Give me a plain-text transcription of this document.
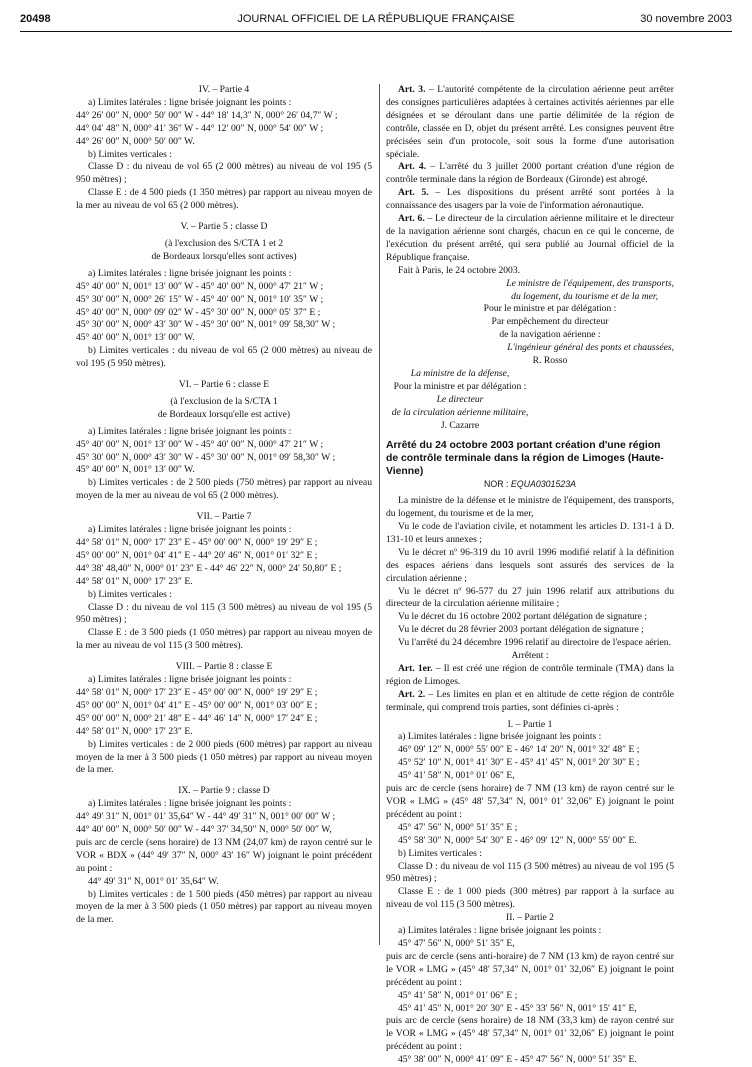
20498	JOURNAL OFFICIEL DE LA RÉPUBLIQUE FRANÇAISE	30 novembre 2003

IV. – Partie 4

a) Limites latérales : ligne brisée joignant les points :

44° 26′ 00″ N, 000° 50′ 00″ W - 44° 18′ 14,3″ N, 000° 26′ 04,7″ W ;

44° 04′ 48″ N, 000° 41′ 36″ W - 44° 12′ 00″ N, 000° 54′ 00″ W ;

44° 26′ 00″ N, 000° 50′ 00″ W.

b) Limites verticales :

Classe D : du niveau de vol 65 (2 000 mètres) au niveau de vol 195 (5 950 mètres) ;

Classe E : de 4 500 pieds (1 350 mètres) par rapport au niveau moyen de la mer au niveau de vol 65 (2 000 mètres).

V. – Partie 5 : classe D

(à l'exclusion des S/CTA 1 et 2

de Bordeaux lorsqu'elles sont actives)

a) Limites latérales : ligne brisée joignant les points :

45° 40′ 00″ N, 001° 13′ 00″ W - 45° 40′ 00″ N, 000° 47′ 21″ W ;

45° 30′ 00″ N, 000° 26′ 15″ W - 45° 40′ 00″ N, 001° 10′ 35″ W ;

45° 40′ 00″ N, 000° 09′ 02″ W - 45° 30′ 00″ N, 000° 05′ 37″ E ;

45° 30′ 00″ N, 000° 43′ 30″ W - 45° 30′ 00″ N, 001° 09′ 58,30″ W ;

45° 40′ 00″ N, 001° 13′ 00″ W.

b) Limites verticales : du niveau de vol 65 (2 000 mètres) au niveau de vol 195 (5 950 mètres).

VI. – Partie 6 : classe E

(à l'exclusion de la S/CTA 1

de Bordeaux lorsqu'elle est active)

a) Limites latérales : ligne brisée joignant les points :

45° 40′ 00″ N, 001° 13′ 00″ W - 45° 40′ 00″ N, 000° 47′ 21″ W ;

45° 30′ 00″ N, 000° 43′ 30″ W - 45° 30′ 00″ N, 001° 09′ 58,30″ W ;

45° 40′ 00″ N, 001° 13′ 00″ W.

b) Limites verticales : de 2 500 pieds (750 mètres) par rapport au niveau moyen de la mer au niveau de vol 65 (2 000 mètres).

VII. – Partie 7

a) Limites latérales : ligne brisée joignant les points :

44° 58′ 01″ N, 000° 17′ 23″ E - 45° 00′ 00″ N, 000° 19′ 29″ E ;

45° 00′ 00″ N, 001° 04′ 41″ E - 44° 20′ 46″ N, 001° 01′ 32″ E ;

44° 38′ 48,40″ N, 000° 01′ 23″ E - 44° 46′ 22″ N, 000° 24′ 50,80″ E ;

44° 58′ 01″ N, 000° 17′ 23″ E.

b) Limites verticales :

Classe D : du niveau de vol 115 (3 500 mètres) au niveau de vol 195 (5 950 mètres) ;

Classe E : de 3 500 pieds (1 050 mètres) par rapport au niveau moyen de la mer au niveau de vol 115 (3 500 mètres).

VIII. – Partie 8 : classe E

a) Limites latérales : ligne brisée joignant les points :

44° 58′ 01″ N, 000° 17′ 23″ E - 45° 00′ 00″ N, 000° 19′ 29″ E ;

45° 00′ 00″ N, 001° 04′ 41″ E - 45° 00′ 00″ N, 001° 03′ 00″ E ;

45° 00′ 00″ N, 000° 21′ 48″ E - 44° 46′ 14″ N, 000° 17′ 24″ E ;

44° 58′ 01″ N, 000° 17′ 23″ E.

b) Limites verticales : de 2 000 pieds (600 mètres) par rapport au niveau moyen de la mer à 3 500 pieds (1 050 mètres) par rapport au niveau moyen de la mer.

IX. – Partie 9 : classe D

a) Limites latérales : ligne brisée joignant les points :

44° 49′ 31″ N, 001° 01′ 35,64″ W - 44° 49′ 31″ N, 001° 00′ 00″ W ;

44° 40′ 00″ N, 000° 50′ 00″ W - 44° 37′ 34,50″ N, 000° 50′ 00″ W,

puis arc de cercle (sens horaire) de 13 NM (24,07 km) de rayon centré sur le VOR « BDX » (44° 49′ 37″ N, 000° 43′ 16″ W) joignant le point précédent au point :

44° 49′ 31″ N, 001° 01′ 35,64″ W.

b) Limites verticales : de 1 500 pieds (450 mètres) par rapport au niveau moyen de la mer à 3 500 pieds (1 050 mètres) par rapport au niveau moyen de la mer.

Art. 3. – L'autorité compétente de la circulation aérienne peut arrêter des consignes particulières adaptées à certaines activités aériennes par elle désignées et se déroulant dans une partie délimitée de la région de contrôle, classée en D, objet du présent arrêté. Les consignes peuvent être précisées sein d'un protocole, soit sous la forme d'une autorisation spéciale.

Art. 4. – L'arrêté du 3 juillet 2000 portant création d'une région de contrôle terminale dans la région de Bordeaux (Gironde) est abrogé.

Art. 5. – Les dispositions du présent arrêté sont portées à la connaissance des usagers par la voie de l'information aéronautique.

Art. 6. – Le directeur de la circulation aérienne militaire et le directeur de la navigation aérienne sont chargés, chacun en ce qui le concerne, de l'exécution du présent arrêté, qui sera publié au Journal officiel de la République française.

Fait à Paris, le 24 octobre 2003.

Le ministre de l'équipement, des transports,

du logement, du tourisme et de la mer,

Pour le ministre et par délégation :

Par empêchement du directeur

de la navigation aérienne :

L'ingénieur général des ponts et chaussées,

R. Rosso

La ministre de la défense,

Pour la ministre et par délégation :

Le directeur

de la circulation aérienne militaire,

J. Cazarre

Arrêté du 24 octobre 2003 portant création d'une région de contrôle terminale dans la région de Limoges (Haute-Vienne)

NOR : EQUA0301523A

La ministre de la défense et le ministre de l'équipement, des transports, du logement, du tourisme et de la mer,

Vu le code de l'aviation civile, et notamment les articles D. 131-1 à D. 131-10 et leurs annexes ;

Vu le décret nº 96-319 du 10 avril 1996 modifié relatif à la définition des espaces aériens dans lesquels sont assurés des services de la circulation aérienne ;

Vu le décret nº 96-577 du 27 juin 1996 relatif aux attributions du directeur de la circulation aérienne militaire ;

Vu le décret du 16 octobre 2002 portant délégation de signature ;

Vu le décret du 28 février 2003 portant délégation de signature ;

Vu l'arrêté du 24 décembre 1996 relatif au directoire de l'espace aérien.

Arrêtent :

Art. 1er. – Il est créé une région de contrôle terminale (TMA) dans la région de Limoges.

Art. 2. – Les limites en plan et en altitude de cette région de contrôle terminale, qui comprend trois parties, sont définies ci-après :

I. – Partie 1

a) Limites latérales : ligne brisée joignant les points :

46° 09′ 12″ N, 000° 55′ 00″ E - 46° 14′ 20″ N, 001° 32′ 48″ E ;

45° 52′ 10″ N, 001° 41′ 30″ E - 45° 41′ 45″ N, 001° 20′ 30″ E ;

45° 41′ 58″ N, 001° 01′ 06″ E,

puis arc de cercle (sens horaire) de 7 NM (13 km) de rayon centré sur le VOR « LMG » (45° 48′ 57,34″ N, 001° 01′ 32,06″ E) joignant le point précédent au point :

45° 47′ 56″ N, 000° 51′ 35″ E ;

45° 58′ 30″ N, 000° 54′ 30″ E - 46° 09′ 12″ N, 000° 55′ 00″ E.

b) Limites verticales :

Classe D : du niveau de vol 115 (3 500 mètres) au niveau de vol 195 (5 950 mètres) ;

Classe E : de 1 000 pieds (300 mètres) par rapport à la surface au niveau de vol 115 (3 500 mètres).

II. – Partie 2

a) Limites latérales : ligne brisée joignant les points :

45° 47′ 56″ N, 000° 51′ 35″ E,

puis arc de cercle (sens anti-horaire) de 7 NM (13 km) de rayon centré sur le VOR « LMG » (45° 48′ 57,34″ N, 001° 01′ 32,06″ E) joignant le point précédent au point :

45° 41′ 58″ N, 001° 01′ 06″ E ;

45° 41′ 45″ N, 001° 20′ 30″ E - 45° 33′ 56″ N, 001° 15′ 41″ E,

puis arc de cercle (sens horaire) de 18 NM (33,3 km) de rayon centré sur le VOR « LMG » (45° 48′ 57,34″ N, 001° 01′ 32,06″ E) joignant le point précédent au point :

45° 38′ 00″ N, 000° 41′ 09″ E - 45° 47′ 56″ N, 000° 51′ 35″ E.
